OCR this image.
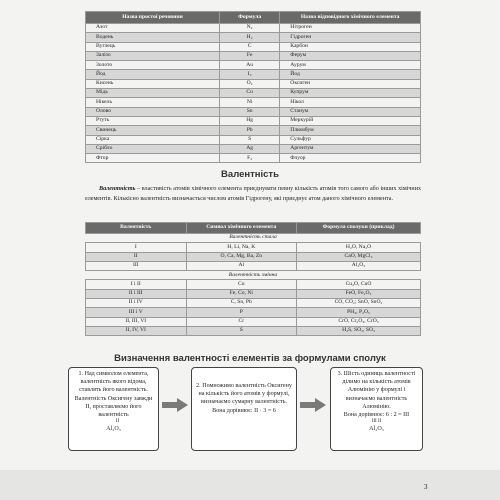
Назва простої речовини	Формула	Назва відповідного хімічного елемента
Азот	N₂	Нітроген
Водень	H₂	Гідроген
Вуглець	C	Карбон
Залізо	Fe	Ферум
Золото	Au	Аурум
Йод	I₂	Йод
Кисень	O₂	Оксиген
Мідь	Cu	Купрум
Нікель	Ni	Нікол
Олово	Sn	Станум
Ртуть	Hg	Меркурій
Свинець	Pb	Плюмбум
Сірка	S	Сульфур
Срібло	Ag	Аргентум
Фтор	F₂	Флуор
Валентність

Валентність – властивість атомів хімічного елемента приєднувати певну кількість атомів того самого або інших хімічних елементів. Кількісно валентність визначається числом атомів Гідрогену, які приєднує атом даного хімічного елемента.

Валентність	Символ хімічного елемента	Формула сполуки (приклад)
Валентність стала		
I	H, Li, Na, K	H₂O, Na₂O
II	O, Ca, Mg, Ba, Zn	CaO, MgCl₂
III	Al	Al₂O₃
Валентність змінна		
I і II	Cu	Cu₂O, CuO
II і III	Fe, Co, Ni	FeO, Fe₂O₃
II і IV	C, Sn, Pb	CO, CO₂; SnO, SnO₂
III і V	P	PH₃, P₂O₅
II, III, VI	Cr	CrO, Cr₂O₃, CrO₃
II, IV, VI	S	H₂S, SO₂, SO₃
Визначення валентності елементів за формулами сполук
1. Над символом елемента, валентність якого відома, ставлять його валентність. Валентність Оксигену завжди II, проставляємо його валентність
II
Al₂O₃
2. Помножимо валентність Оксигену на кількість його атомів у формулі, визначаємо сумарну валентність.
Вона дорівнює: II · 3 = 6
3. Шість одиниць валентності ділимо на кількість атомів Алюмінію у формулі і визначаємо валентність Алюмінію.
Вона дорівнює: 6 : 2 = III
III II
Al₂O₃
3
